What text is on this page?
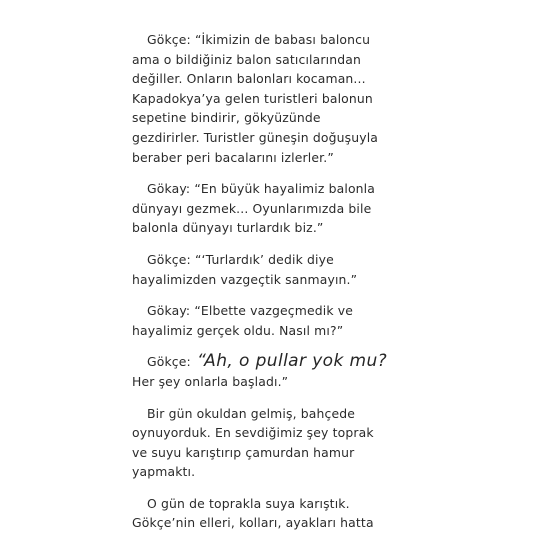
Gökçe: “İkimizin de babası baloncu
ama o bildiğiniz balon satıcılarından
değiller. Onların balonları kocaman...
Kapadokya’ya gelen turistleri balonun
sepetine bindirir, gökyüzünde
gezdirirler. Turistler güneşin doğuşuyla
beraber peri bacalarını izlerler.”

Gökay: “En büyük hayalimiz balonla
dünyayı gezmek... Oyunlarımızda bile
balonla dünyayı turlardık biz.”

Gökçe: “‘Turlardık’ dedik diye
hayalimizden vazgeçtik sanmayın.”

Gökay: “Elbette vazgeçmedik ve
hayalimiz gerçek oldu. Nasıl mı?”

Gökçe: “Ah, o pullar yok mu?
Her şey onlarla başladı.”

Bir gün okuldan gelmiş, bahçede
oynuyorduk. En sevdiğimiz şey toprak
ve suyu karıştırıp çamurdan hamur
yapmaktı.

O gün de toprakla suya karıştık.
Gökçe’nin elleri, kolları, ayakları hatta
